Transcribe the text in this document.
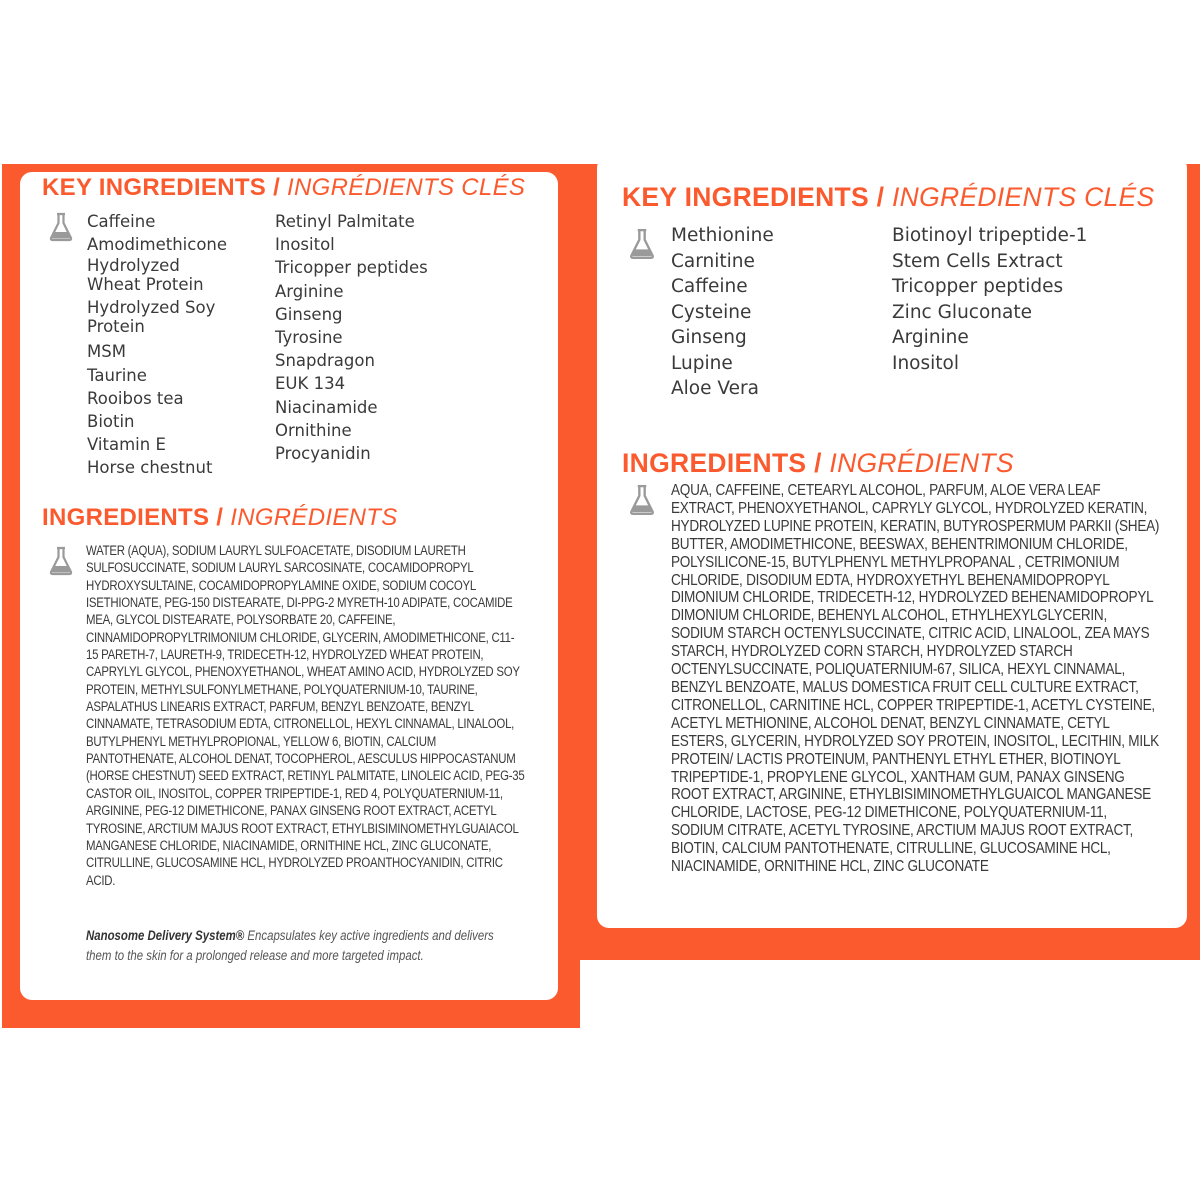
KEY INGREDIENTS / INGRÉDIENTS CLÉS
Caffeine
Amodimethicone
Hydrolyzed Wheat Protein
Hydrolyzed Soy Protein
MSM
Taurine
Rooibos tea
Biotin
Vitamin E
Horse chestnut
Retinyl Palmitate
Inositol
Tricopper peptides
Arginine
Ginseng
Tyrosine
Snapdragon
EUK 134
Niacinamide
Ornithine
Procyanidin
INGREDIENTS / INGRÉDIENTS

WATER (AQUA), SODIUM LAURYL SULFOACETATE, DISODIUM LAURETH SULFOSUCCINATE, SODIUM LAURYL SARCOSINATE, COCAMIDOPROPYL HYDROXYSULTAINE, COCAMIDOPROPYLAMINE OXIDE, SODIUM COCOYL ISETHIONATE, PEG-150 DISTEARATE, DI-PPG-2 MYRETH-10 ADIPATE, COCAMIDE MEA, GLYCOL DISTEARATE, POLYSORBATE 20, CAFFEINE, CINNAMIDOPROPYLTRIMONIUM CHLORIDE, GLYCERIN, AMODIMETHICONE, C11-15 PARETH-7, LAURETH-9, TRIDECETH-12, HYDROLYZED WHEAT PROTEIN, CAPRYLYL GLYCOL, PHENOXYETHANOL, WHEAT AMINO ACID, HYDROLYZED SOY PROTEIN, METHYLSULFONYLMETHANE, POLYQUATERNIUM-10, TAURINE, ASPALATHUS LINEARIS EXTRACT, PARFUM, BENZYL BENZOATE, BENZYL CINNAMATE, TETRASODIUM EDTA, CITRONELLOL, HEXYL CINNAMAL, LINALOOL, BUTYLPHENYL METHYLPROPIONAL, YELLOW 6, BIOTIN, CALCIUM PANTOTHENATE, ALCOHOL DENAT, TOCOPHEROL, AESCULUS HIPPOCASTANUM (HORSE CHESTNUT) SEED EXTRACT, RETINYL PALMITATE, LINOLEIC ACID, PEG-35 CASTOR OIL, INOSITOL, COPPER TRIPEPTIDE-1, RED 4, POLYQUATERNIUM-11, ARGININE, PEG-12 DIMETHICONE, PANAX GINSENG ROOT EXTRACT, ACETYL TYROSINE, ARCTIUM MAJUS ROOT EXTRACT, ETHYLBISIMINOMETHYLGUAIACOL MANGANESE CHLORIDE, NIACINAMIDE, ORNITHINE HCL, ZINC GLUCONATE, CITRULLINE, GLUCOSAMINE HCL, HYDROLYZED PROANTHOCYANIDIN, CITRIC ACID.

Nanosome Delivery System® Encapsulates key active ingredients and delivers them to the skin for a prolonged release and more targeted impact.

KEY INGREDIENTS / INGRÉDIENTS CLÉS
Methionine
Carnitine
Caffeine
Cysteine
Ginseng
Lupine
Aloe Vera
Biotinoyl tripeptide-1
Stem Cells Extract
Tricopper peptides
Zinc Gluconate
Arginine
Inositol
INGREDIENTS / INGRÉDIENTS

AQUA, CAFFEINE, CETEARYL ALCOHOL, PARFUM, ALOE VERA LEAF EXTRACT, PHENOXYETHANOL, CAPRYLY GLYCOL, HYDROLYZED KERATIN, HYDROLYZED LUPINE PROTEIN, KERATIN, BUTYROSPERMUM PARKII (SHEA) BUTTER, AMODIMETHICONE, BEESWAX, BEHENTRIMONIUM CHLORIDE, POLYSILICONE-15, BUTYLPHENYL METHYLPROPANAL , CETRIMONIUM CHLORIDE, DISODIUM EDTA, HYDROXYETHYL BEHENAMIDOPROPYL DIMONIUM CHLORIDE, TRIDECETH-12, HYDROLYZED BEHENAMIDOPROPYL DIMONIUM CHLORIDE, BEHENYL ALCOHOL, ETHYLHEXYLGLYCERIN, SODIUM STARCH OCTENYLSUCCINATE, CITRIC ACID, LINALOOL, ZEA MAYS STARCH, HYDROLYZED CORN STARCH, HYDROLYZED STARCH OCTENYLSUCCINATE, POLIQUATERNIUM-67, SILICA, HEXYL CINNAMAL, BENZYL BENZOATE, MALUS DOMESTICA FRUIT CELL CULTURE EXTRACT, CITRONELLOL, CARNITINE HCL, COPPER TRIPEPTIDE-1, ACETYL CYSTEINE, ACETYL METHIONINE, ALCOHOL DENAT, BENZYL CINNAMATE, CETYL ESTERS, GLYCERIN, HYDROLYZED SOY PROTEIN, INOSITOL, LECITHIN, MILK PROTEIN/ LACTIS PROTEINUM, PANTHENYL ETHYL ETHER, BIOTINOYL TRIPEPTIDE-1, PROPYLENE GLYCOL, XANTHAM GUM, PANAX GINSENG ROOT EXTRACT, ARGININE, ETHYLBISIMINOMETHYLGUAICOL MANGANESE CHLORIDE, LACTOSE, PEG-12 DIMETHICONE, POLYQUATERNIUM-11, SODIUM CITRATE, ACETYL TYROSINE, ARCTIUM MAJUS ROOT EXTRACT, BIOTIN, CALCIUM PANTOTHENATE, CITRULLINE, GLUCOSAMINE HCL, NIACINAMIDE, ORNITHINE HCL, ZINC GLUCONATE
